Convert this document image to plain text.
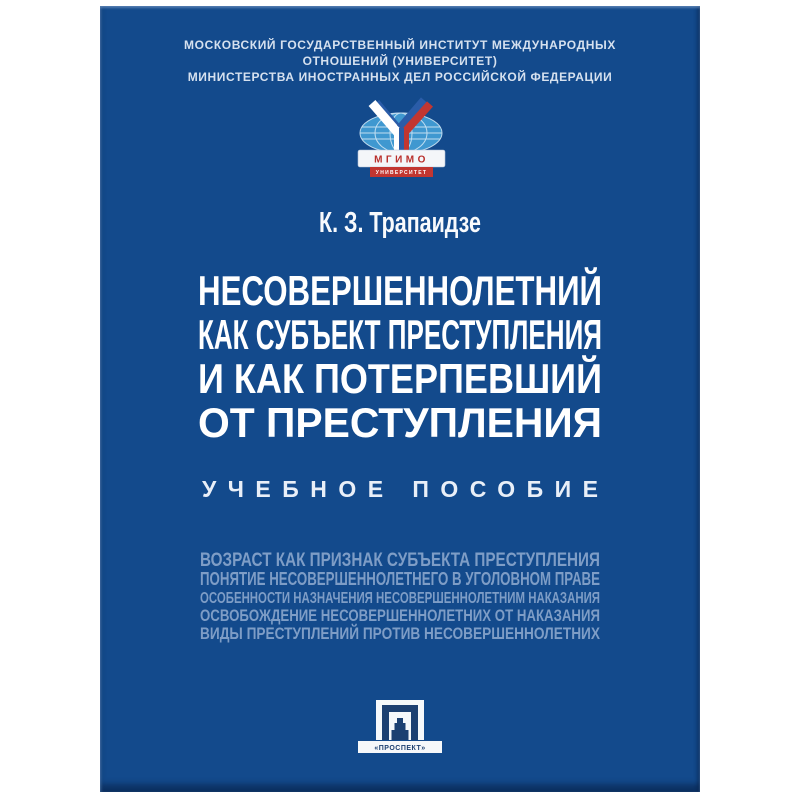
МОСКОВСКИЙ ГОСУДАРСТВЕННЫЙ ИНСТИТУТ МЕЖДУНАРОДНЫХ
ОТНОШЕНИЙ (УНИВЕРСИТЕТ)
МИНИСТЕРСТВА ИНОСТРАННЫХ ДЕЛ РОССИЙСКОЙ ФЕДЕРАЦИИ
МГИМО
УНИВЕРСИТЕТ
К. З. Трапаидзе
НЕСОВЕРШЕННОЛЕТНИЙ
КАК СУБЪЕКТ ПРЕСТУПЛЕНИЯ
И КАК ПОТЕРПЕВШИЙ
ОТ ПРЕСТУПЛЕНИЯ
УЧЕБНОЕ ПОСОБИЕ
ВОЗРАСТ КАК ПРИЗНАК СУБЪЕКТА ПРЕСТУПЛЕНИЯ
ПОНЯТИЕ НЕСОВЕРШЕННОЛЕТНЕГО В УГОЛОВНОМ ПРАВЕ
ОСОБЕННОСТИ НАЗНАЧЕНИЯ НЕСОВЕРШЕННОЛЕТНИМ НАКАЗАНИЯ
ОСВОБОЖДЕНИЕ НЕСОВЕРШЕННОЛЕТНИХ ОТ НАКАЗАНИЯ
ВИДЫ ПРЕСТУПЛЕНИЙ ПРОТИВ НЕСОВЕРШЕННОЛЕТНИХ
«ПРОСПЕКТ»
